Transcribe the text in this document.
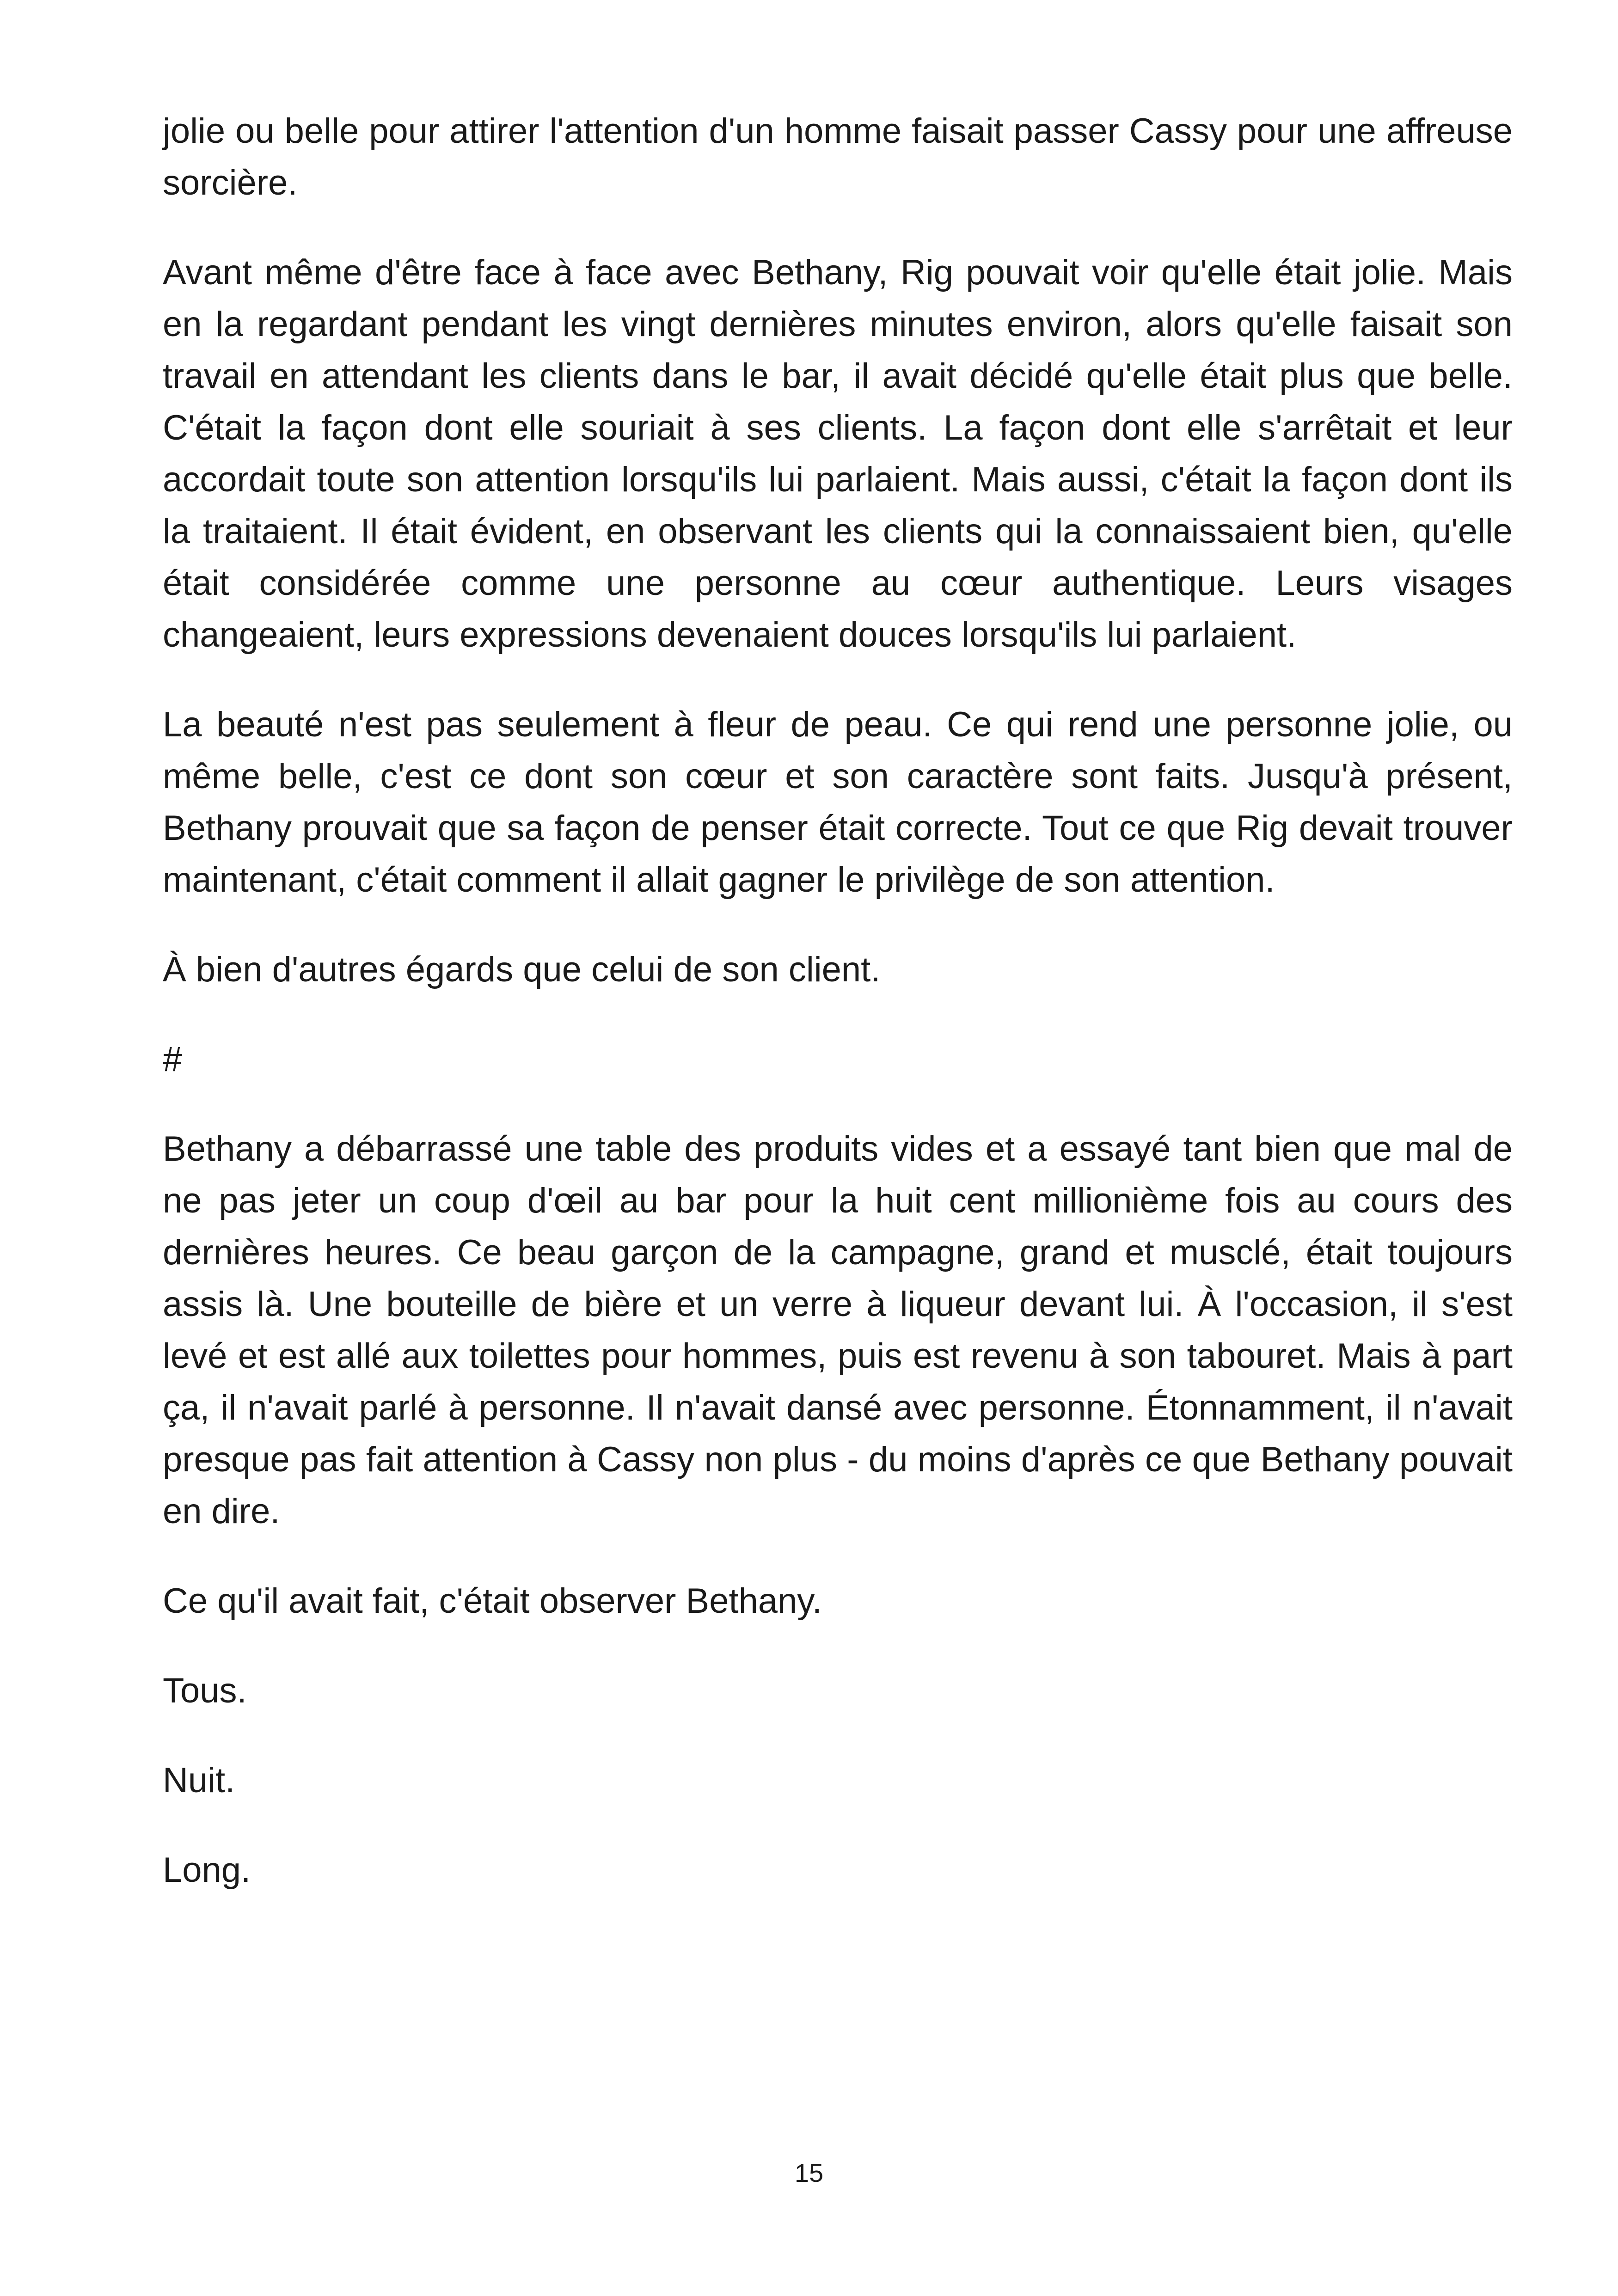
jolie ou belle pour attirer l'attention d'un homme faisait passer Cassy pour une affreuse sorcière.

Avant même d'être face à face avec Bethany, Rig pouvait voir qu'elle était jolie. Mais en la regardant pendant les vingt dernières minutes environ, alors qu'elle faisait son travail en attendant les clients dans le bar, il avait décidé qu'elle était plus que belle. C'était la façon dont elle souriait à ses clients. La façon dont elle s'arrêtait et leur accordait toute son attention lorsqu'ils lui parlaient. Mais aussi, c'était la façon dont ils la traitaient. Il était évident, en observant les clients qui la connaissaient bien, qu'elle était considérée comme une personne au cœur authentique. Leurs visages changeaient, leurs expressions devenaient douces lorsqu'ils lui parlaient.

La beauté n'est pas seulement à fleur de peau. Ce qui rend une personne jolie, ou même belle, c'est ce dont son cœur et son caractère sont faits. Jusqu'à présent, Bethany prouvait que sa façon de penser était correcte. Tout ce que Rig devait trouver maintenant, c'était comment il allait gagner le privilège de son attention.

À bien d'autres égards que celui de son client.

#

Bethany a débarrassé une table des produits vides et a essayé tant bien que mal de ne pas jeter un coup d'œil au bar pour la huit cent millionième fois au cours des dernières heures. Ce beau garçon de la campagne, grand et musclé, était toujours assis là. Une bouteille de bière et un verre à liqueur devant lui. À l'occasion, il s'est levé et est allé aux toilettes pour hommes, puis est revenu à son tabouret. Mais à part ça, il n'avait parlé à personne. Il n'avait dansé avec personne. Étonnamment, il n'avait presque pas fait attention à Cassy non plus - du moins d'après ce que Bethany pouvait en dire.

Ce qu'il avait fait, c'était observer Bethany.

Tous.

Nuit.

Long.

15
